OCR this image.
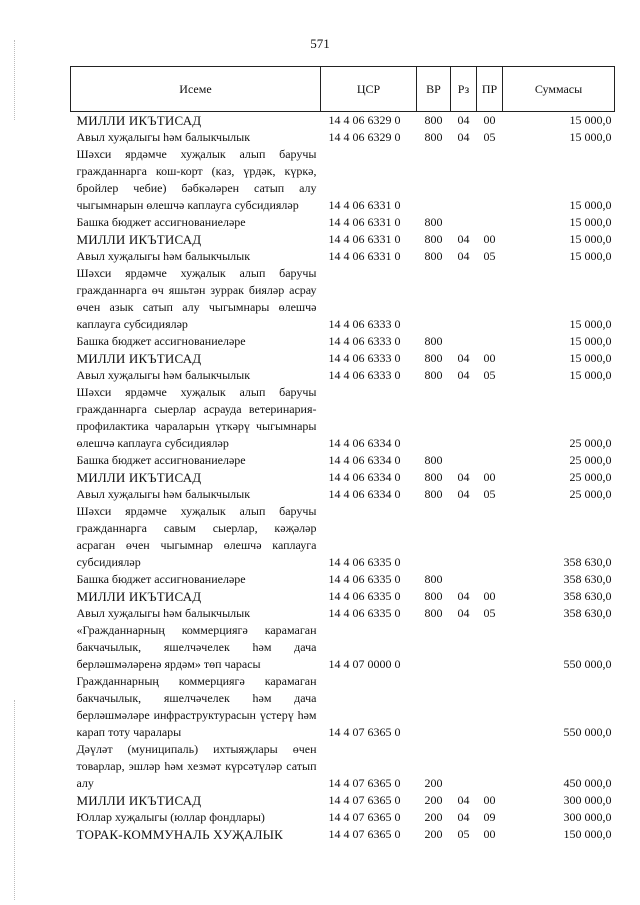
571
Исеме	ЦСР	ВР	Рз	ПР	Суммасы
МИЛЛИ ИКЪТИСАД	14 4 06 6329 0	800	04	00	15 000,0
Авыл хуҗалыгы һәм балыкчылык	14 4 06 6329 0	800	04	05	15 000,0
Шәхси ярдәмче хуҗалык алып баручы гражданнарга кош-корт (каз, үрдәк, күркә, бройлер чебие) бәбкәләрен сатып алу чыгымнарын өлешчә каплауга субсидияләр	14 4 06 6331 0				15 000,0
Башка бюджет ассигнованиеләре	14 4 06 6331 0	800			15 000,0
МИЛЛИ ИКЪТИСАД	14 4 06 6331 0	800	04	00	15 000,0
Авыл хуҗалыгы һәм балыкчылык	14 4 06 6331 0	800	04	05	15 000,0
Шәхси ярдәмче хуҗалык алып баручы гражданнарга өч яшьтән зуррак бияләр асрау өчен азык сатып алу чыгымнары өлешчә каплауга субсидияләр	14 4 06 6333 0				15 000,0
Башка бюджет ассигнованиеләре	14 4 06 6333 0	800			15 000,0
МИЛЛИ ИКЪТИСАД	14 4 06 6333 0	800	04	00	15 000,0
Авыл хуҗалыгы һәм балыкчылык	14 4 06 6333 0	800	04	05	15 000,0
Шәхси ярдәмче хуҗалык алып баручы гражданнарга сыерлар асрауда ветеринария-профилактика чараларын үткәрү чыгымнары өлешчә каплауга субсидияләр	14 4 06 6334 0				25 000,0
Башка бюджет ассигнованиеләре	14 4 06 6334 0	800			25 000,0
МИЛЛИ ИКЪТИСАД	14 4 06 6334 0	800	04	00	25 000,0
Авыл хуҗалыгы һәм балыкчылык	14 4 06 6334 0	800	04	05	25 000,0
Шәхси ярдәмче хуҗалык алып баручы гражданнарга савым сыерлар, кәҗәләр асраган өчен чыгымнар өлешчә каплауга субсидияләр	14 4 06 6335 0				358 630,0
Башка бюджет ассигнованиеләре	14 4 06 6335 0	800			358 630,0
МИЛЛИ ИКЪТИСАД	14 4 06 6335 0	800	04	00	358 630,0
Авыл хуҗалыгы һәм балыкчылык	14 4 06 6335 0	800	04	05	358 630,0
«Гражданнарның коммерциягә карамаган бакчачылык, яшелчәчелек һәм дача берләшмәләренә ярдәм» төп чарасы	14 4 07 0000 0				550 000,0
Гражданнарның коммерциягә карамаган бакчачылык, яшелчәчелек һәм дача берләшмәләре инфраструктурасын үстерү һәм карап тоту чаралары	14 4 07 6365 0				550 000,0
Дәүләт (муниципаль) ихтыяҗлары өчен товарлар, эшләр һәм хезмәт күрсәтүләр сатып алу	14 4 07 6365 0	200			450 000,0
МИЛЛИ ИКЪТИСАД	14 4 07 6365 0	200	04	00	300 000,0
Юллар хуҗалыгы (юллар фондлары)	14 4 07 6365 0	200	04	09	300 000,0
ТОРАК-КОММУНАЛЬ ХУҖАЛЫК	14 4 07 6365 0	200	05	00	150 000,0
